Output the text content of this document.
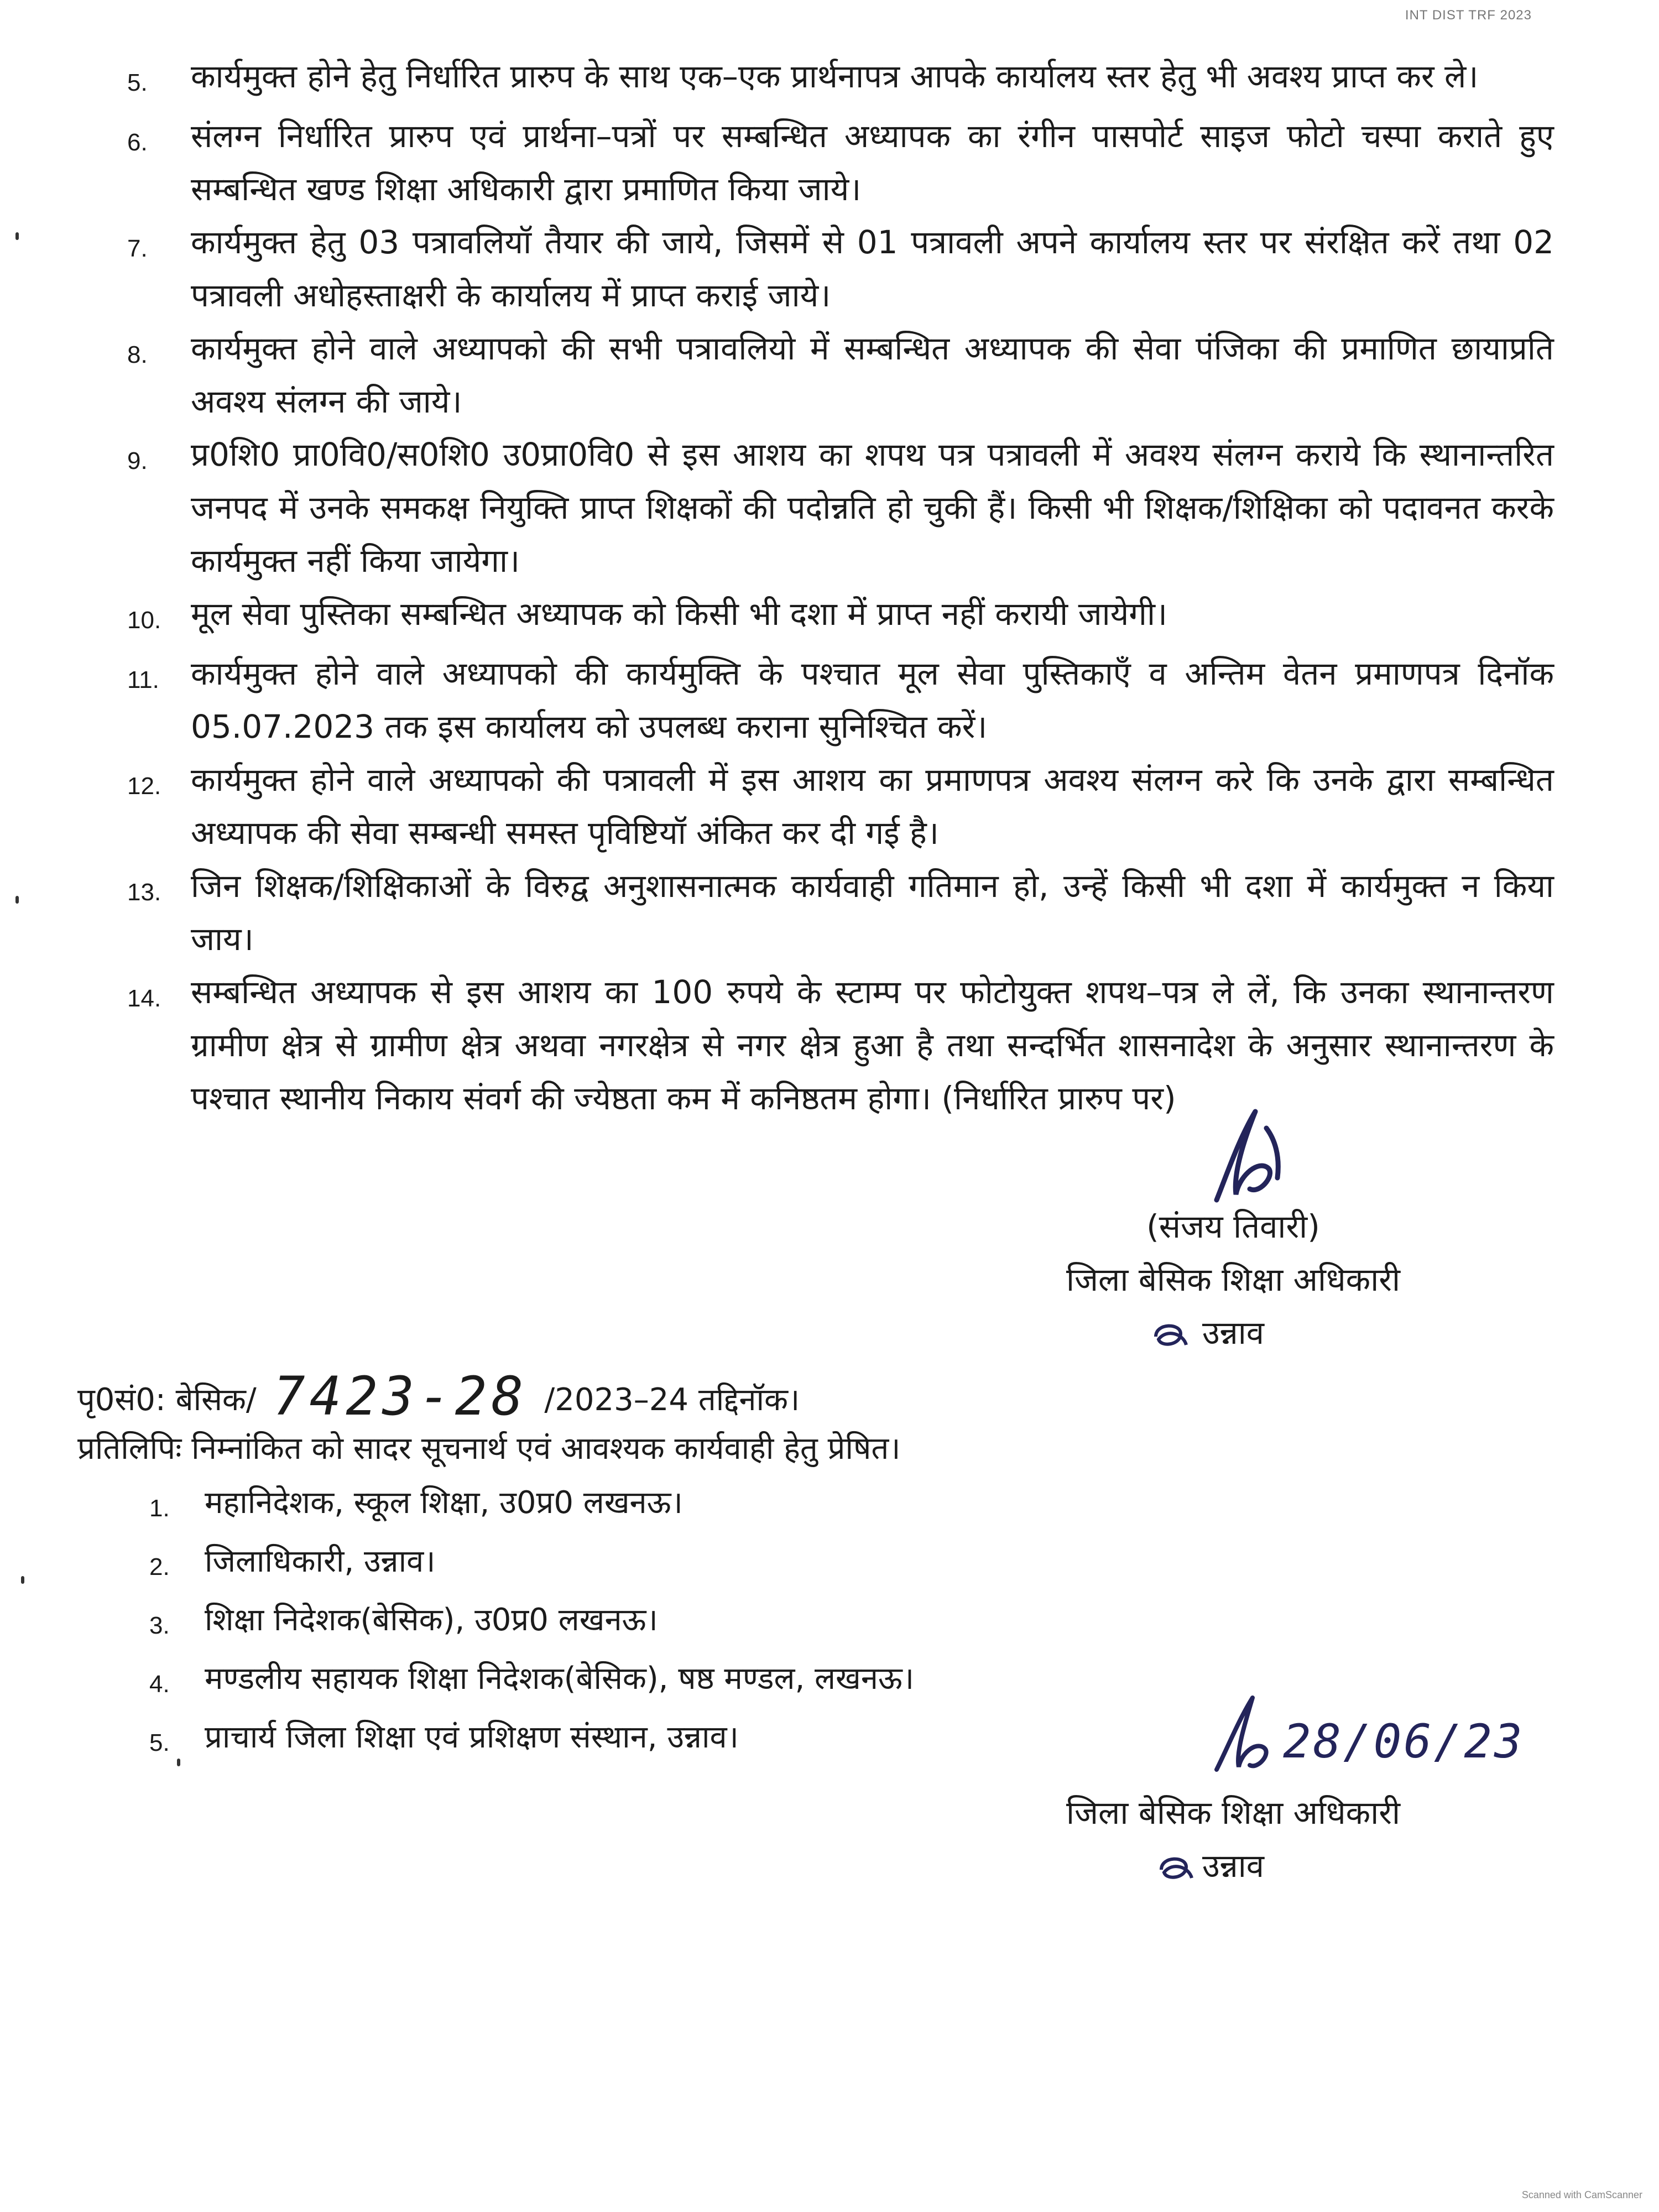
INT DIST TRF 2023
5.	कार्यमुक्त होने हेतु निर्धारित प्रारुप के साथ एक–एक प्रार्थनापत्र आपके कार्यालय स्तर हेतु भी अवश्य प्राप्त कर ले।
6.	संलग्न निर्धारित प्रारुप एवं प्रार्थना–पत्रों पर सम्बन्धित अध्यापक का रंगीन पासपोर्ट साइज फोटो चस्पा कराते हुए सम्बन्धित खण्ड शिक्षा अधिकारी द्वारा प्रमाणित किया जाये।
7.	कार्यमुक्त हेतु 03 पत्रावलियॉ तैयार की जाये, जिसमें से 01 पत्रावली अपने कार्यालय स्तर पर संरक्षित करें तथा 02 पत्रावली अधोहस्ताक्षरी के कार्यालय में प्राप्त कराई जाये।
8.	कार्यमुक्त होने वाले अध्यापको की सभी पत्रावलियो में सम्बन्धित अध्यापक की सेवा पंजिका की प्रमाणित छायाप्रति अवश्य संलग्न की जाये।
9.	प्र0शि0 प्रा0वि0/स0शि0 उ0प्रा0वि0 से इस आशय का शपथ पत्र पत्रावली में अवश्य संलग्न कराये कि स्थानान्तरित जनपद में उनके समकक्ष नियुक्ति प्राप्त शिक्षकों की पदोन्नति हो चुकी हैं। किसी भी शिक्षक/शिक्षिका को पदावनत करके कार्यमुक्त नहीं किया जायेगा।
10. मूल सेवा पुस्तिका सम्बन्धित अध्यापक को किसी भी दशा में प्राप्त नहीं करायी जायेगी।
11. कार्यमुक्त होने वाले अध्यापको की कार्यमुक्ति के पश्चात मूल सेवा पुस्तिकाएँ व अन्तिम वेतन प्रमाणपत्र दिनॉक 05.07.2023 तक इस कार्यालय को उपलब्ध कराना सुनिश्चित करें।
12. कार्यमुक्त होने वाले अध्यापको की पत्रावली में इस आशय का प्रमाणपत्र अवश्य संलग्न करे कि उनके द्वारा सम्बन्धित अध्यापक की सेवा सम्बन्धी समस्त पृविष्टियॉ अंकित कर दी गई है।
13. जिन शिक्षक/शिक्षिकाओं के विरुद्व अनुशासनात्मक कार्यवाही गतिमान हो, उन्हें किसी भी दशा में कार्यमुक्त न किया जाय।
14. सम्बन्धित अध्यापक से इस आशय का 100 रुपये के स्टाम्प पर फोटोयुक्त शपथ–पत्र ले लें, कि उनका स्थानान्तरण ग्रामीण क्षेत्र से ग्रामीण क्षेत्र अथवा नगरक्षेत्र से नगर क्षेत्र हुआ है तथा सन्दर्भित शासनादेश के अनुसार स्थानान्तरण के पश्चात स्थानीय निकाय संवर्ग की ज्येष्ठता कम में कनिष्ठतम होगा। (निर्धारित प्रारुप पर)
(संजय तिवारी)
जिला बेसिक शिक्षा अधिकारी
उन्नाव
पृ0सं0: बेसिक/ 7423-28 /2023–24 तद्दिनॉक।
प्रतिलिपिः निम्नांकित को सादर सूचनार्थ एवं आवश्यक कार्यवाही हेतु प्रेषित।
1.	महानिदेशक, स्कूल शिक्षा, उ0प्र0 लखनऊ।
2.	जिलाधिकारी, उन्नाव।
3.	शिक्षा निदेशक(बेसिक), उ0प्र0 लखनऊ।
4.	मण्डलीय सहायक शिक्षा निदेशक(बेसिक), षष्ठ मण्डल, लखनऊ।
5.	प्राचार्य जिला शिक्षा एवं प्रशिक्षण संस्थान, उन्नाव।	28/06/23
जिला बेसिक शिक्षा अधिकारी
उन्नाव
Scanned with CamScanner
